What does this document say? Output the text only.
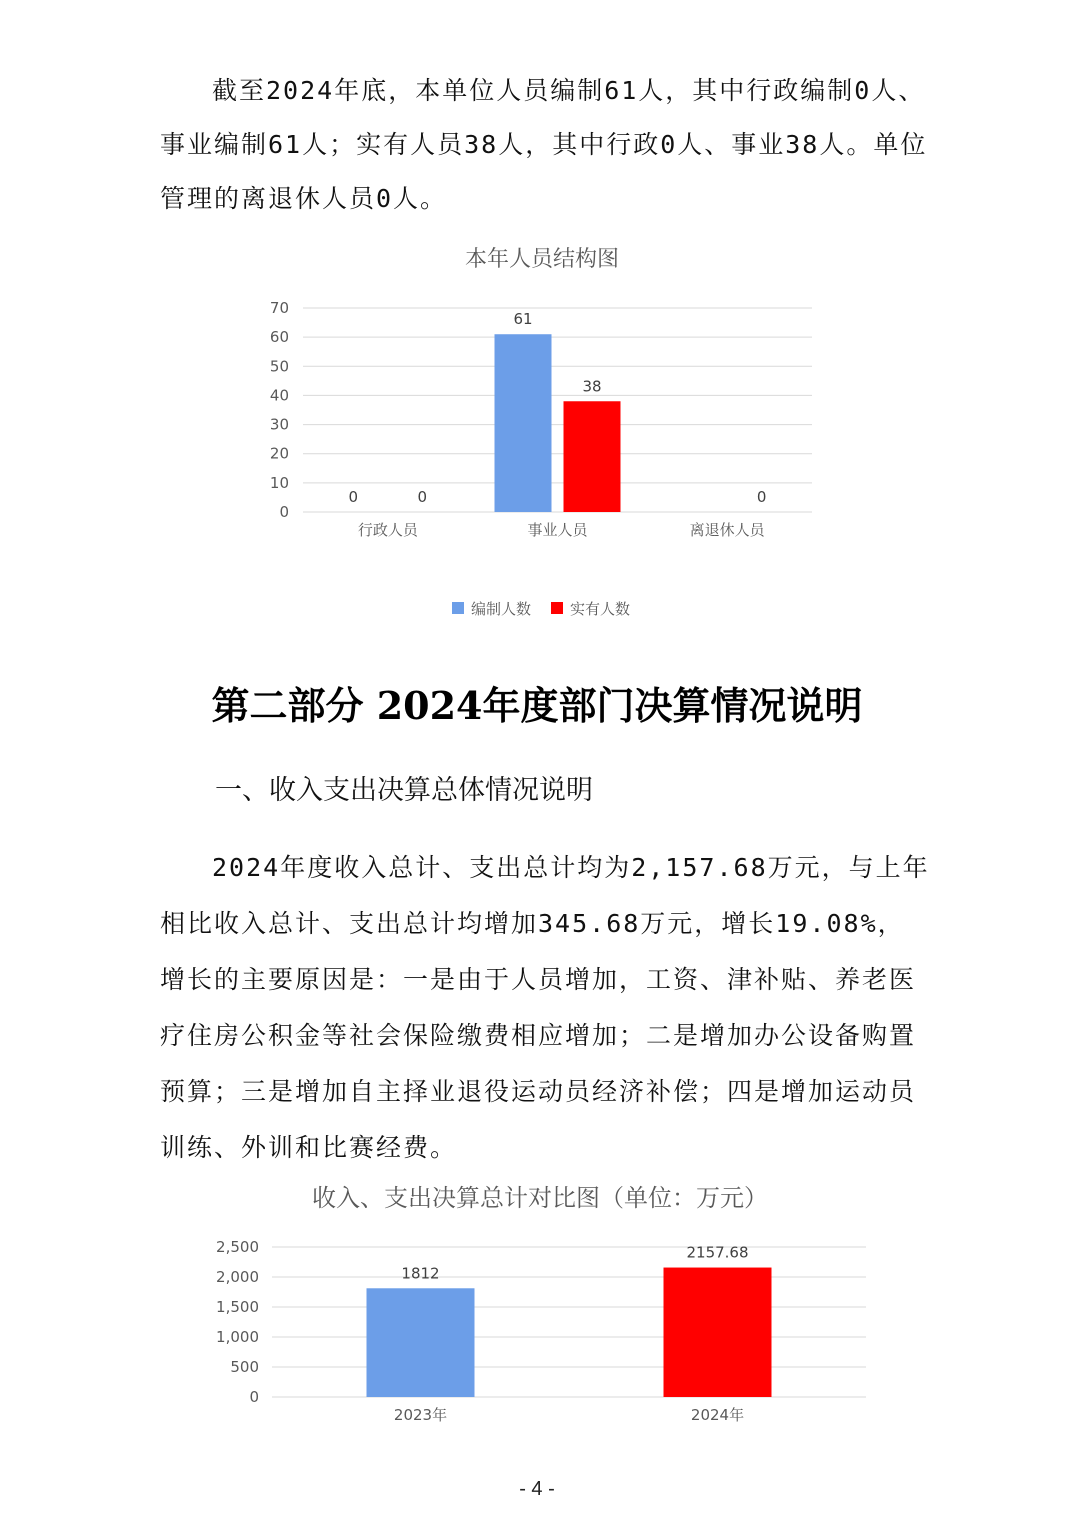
截至2024年底，本单位人员编制61人，其中行政编制0人、事业编制61人；实有人员38人，其中行政0人、事业38人。单位管理的离退休人员0人。

本年人员结构图
0
10
20
30
40
50
60
70
行政人员
0	0
事业人员
61
38
离退休人员
0
编制人数	实有人数
第二部分 2024年度部门决算情况说明
一、收入支出决算总体情况说明

2024年度收入总计、支出总计均为2,157.68万元，与上年相比收入总计、支出总计均增加345.68万元，增长19.08%，增长的主要原因是：一是由于人员增加，工资、津补贴、养老医疗住房公积金等社会保险缴费相应增加；二是增加办公设备购置预算；三是增加自主择业退役运动员经济补偿；四是增加运动员训练、外训和比赛经费。

收入、支出决算总计对比图（单位：万元）
0
500
1,000
1,500
2,000
2,500
1812
2023年
2157.68
2024年
- 4 -
